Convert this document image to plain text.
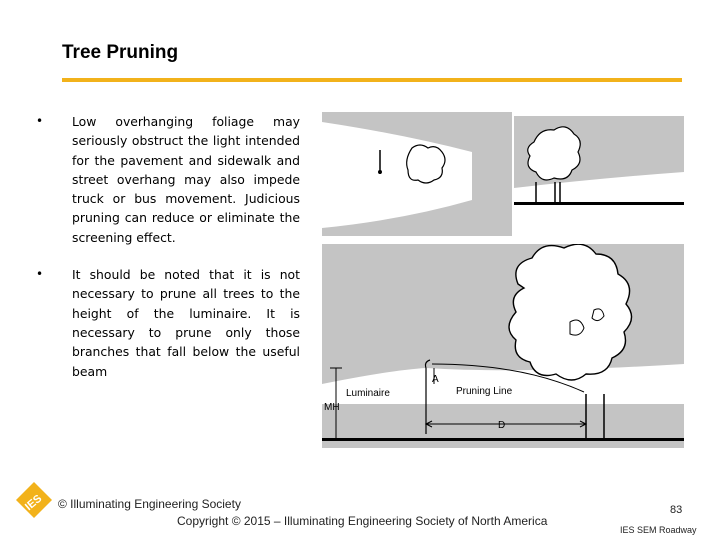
Tree Pruning
•	Low overhanging foliage may seriously obstruct the light intended for the pavement and sidewalk and street overhang may also impede truck or bus movement. Judicious pruning can reduce or eliminate the screening effect.
•	It should be noted that it is not necessary to prune all trees to the height of the luminaire. It is necessary to prune only those branches that fall below the useful beam
MH
Luminaire
A
Pruning Line
D
IES © Illuminating Engineering Society
Copyright © 2015 – Illuminating Engineering Society of North America
83
IES SEM Roadway
